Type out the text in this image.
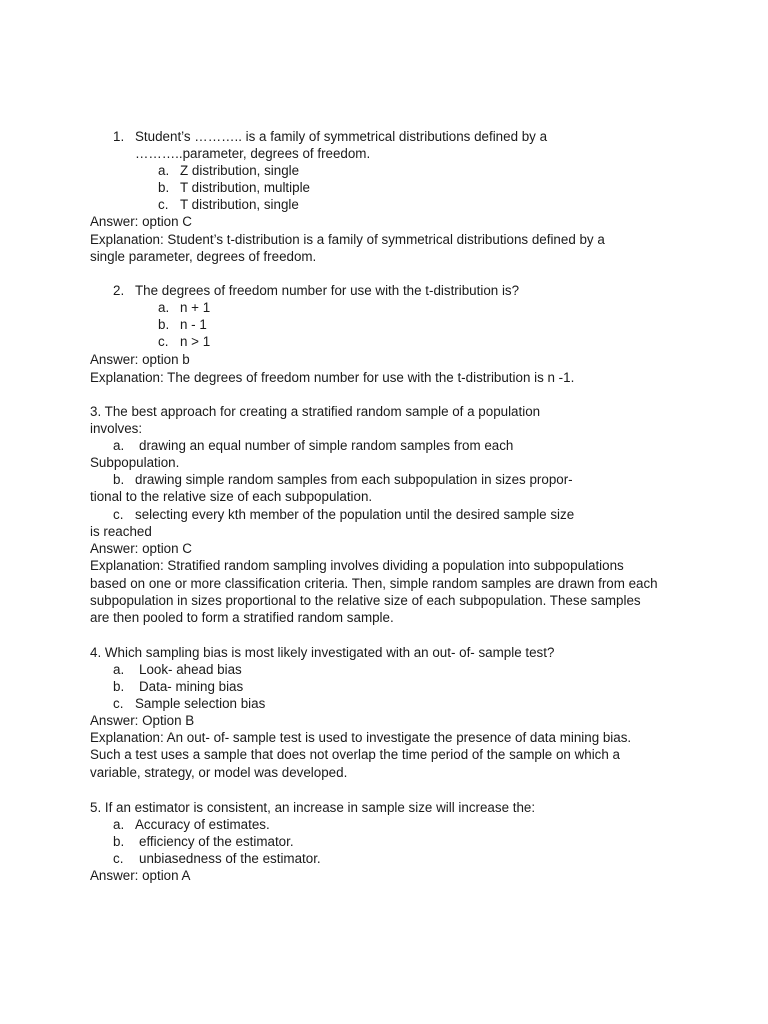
1. Student’s ……….. is a family of symmetrical distributions defined by a
………..parameter, degrees of freedom.
a. Z distribution, single
b. T distribution, multiple
c. T distribution, single
Answer: option C
Explanation: Student’s t-distribution is a family of symmetrical distributions defined by a
single parameter, degrees of freedom.
2. The degrees of freedom number for use with the t-distribution is?
a. n + 1
b. n - 1
c. n > 1
Answer: option b
Explanation: The degrees of freedom number for use with the t-distribution is n -1.
3. The best approach for creating a stratified random sample of a population
involves:
a. drawing an equal number of simple random samples from each
Subpopulation.
b. drawing simple random samples from each subpopulation in sizes propor-
tional to the relative size of each subpopulation.
c. selecting every kth member of the population until the desired sample size
is reached
Answer: option C
Explanation: Stratified random sampling involves dividing a population into subpopulations
based on one or more classification criteria. Then, simple random samples are drawn from each
subpopulation in sizes proportional to the relative size of each subpopulation. These samples
are then pooled to form a stratified random sample.
4. Which sampling bias is most likely investigated with an out- of- sample test?
a. Look- ahead bias
b. Data- mining bias
c. Sample selection bias
Answer: Option B
Explanation: An out- of- sample test is used to investigate the presence of data mining bias.
Such a test uses a sample that does not overlap the time period of the sample on which a
variable, strategy, or model was developed.
5. If an estimator is consistent, an increase in sample size will increase the:
a. Accuracy of estimates.
b. efficiency of the estimator.
c. unbiasedness of the estimator.
Answer: option A
